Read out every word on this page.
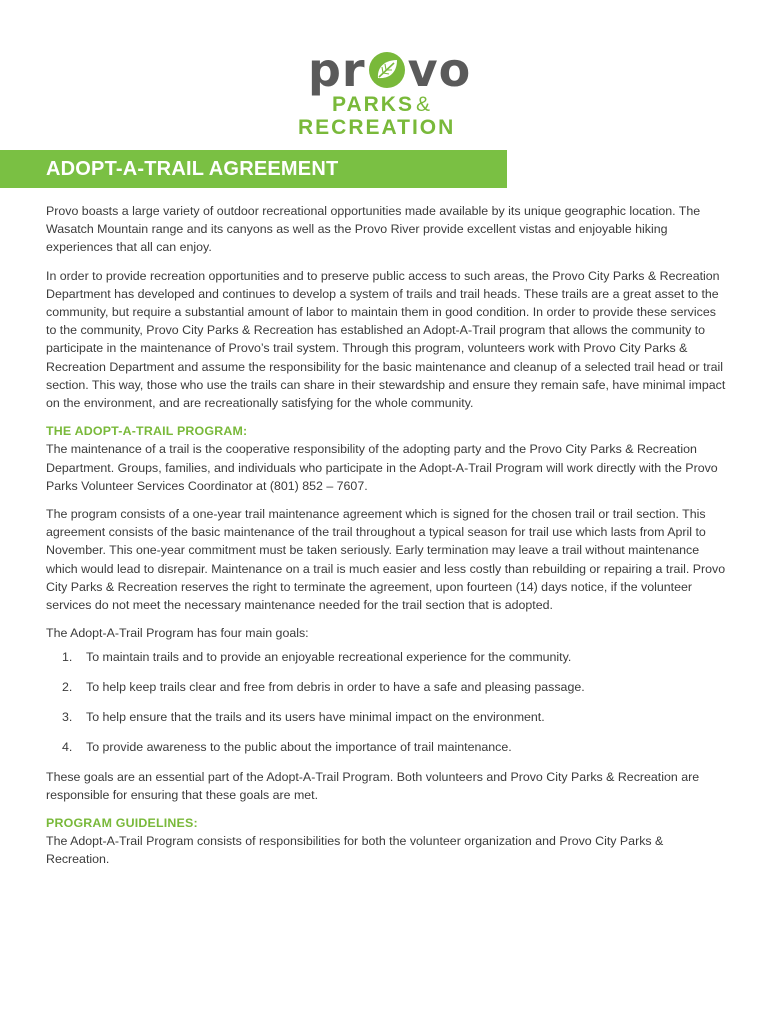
pr vo
PARKS&
RECREATION
ADOPT-A-TRAIL AGREEMENT

Provo boasts a large variety of outdoor recreational opportunities made available by its unique geographic location. The Wasatch Mountain range and its canyons as well as the Provo River provide excellent vistas and enjoyable hiking experiences that all can enjoy.

In order to provide recreation opportunities and to preserve public access to such areas, the Provo City Parks & Recreation Department has developed and continues to develop a system of trails and trail heads. These trails are a great asset to the community, but require a substantial amount of labor to maintain them in good condition. In order to provide these services to the community, Provo City Parks & Recreation has established an Adopt-A-Trail program that allows the community to participate in the maintenance of Provo’s trail system. Through this program, volunteers work with Provo City Parks & Recreation Department and assume the responsibility for the basic maintenance and cleanup of a selected trail head or trail section. This way, those who use the trails can share in their stewardship and ensure they remain safe, have minimal impact on the environment, and are recreationally satisfying for the whole community.

THE ADOPT-A-TRAIL PROGRAM:

The maintenance of a trail is the cooperative responsibility of the adopting party and the Provo City Parks & Recreation Department. Groups, families, and individuals who participate in the Adopt-A-Trail Program will work directly with the Provo Parks Volunteer Services Coordinator at (801) 852 – 7607.

The program consists of a one-year trail maintenance agreement which is signed for the chosen trail or trail section. This agreement consists of the basic maintenance of the trail throughout a typical season for trail use which lasts from April to November. This one-year commitment must be taken seriously. Early termination may leave a trail without maintenance which would lead to disrepair. Maintenance on a trail is much easier and less costly than rebuilding or repairing a trail. Provo City Parks & Recreation reserves the right to terminate the agreement, upon fourteen (14) days notice, if the volunteer services do not meet the necessary maintenance needed for the trail section that is adopted.

The Adopt-A-Trail Program has four main goals:

1.	To maintain trails and to provide an enjoyable recreational experience for the community.
2.	To help keep trails clear and free from debris in order to have a safe and pleasing passage.
3.	To help ensure that the trails and its users have minimal impact on the environment.
4.	To provide awareness to the public about the importance of trail maintenance.

These goals are an essential part of the Adopt-A-Trail Program. Both volunteers and Provo City Parks & Recreation are responsible for ensuring that these goals are met.

PROGRAM GUIDELINES:

The Adopt-A-Trail Program consists of responsibilities for both the volunteer organization and Provo City Parks & Recreation.
